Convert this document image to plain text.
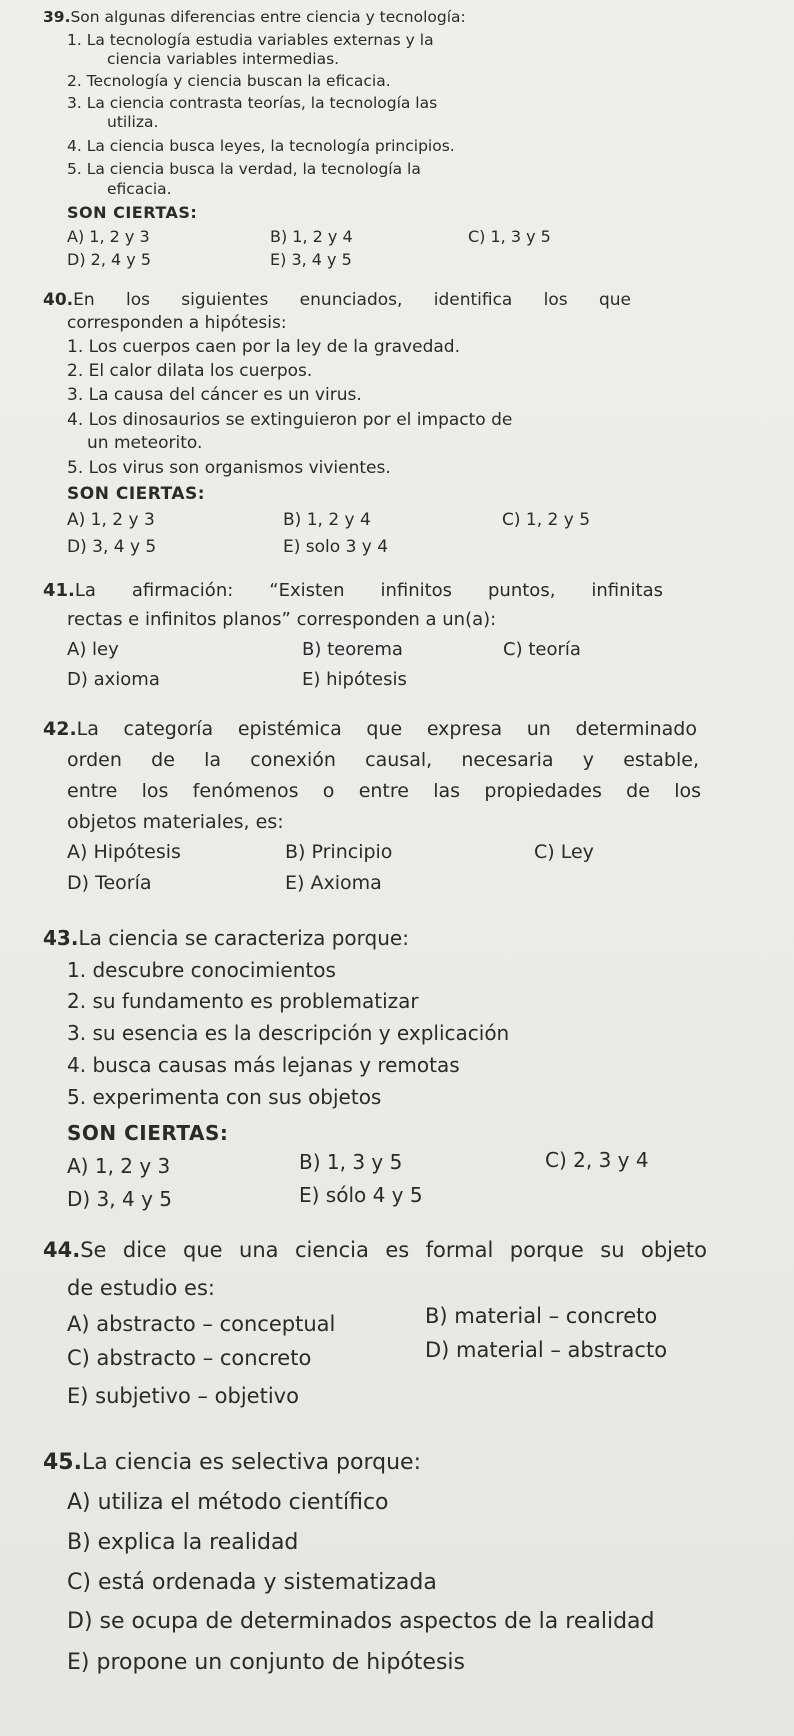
39.Son algunas diferencias entre ciencia y tecnología:
1. La tecnología estudia variables externas y la
ciencia variables intermedias.
2. Tecnología y ciencia buscan la eficacia.
3. La ciencia contrasta teorías, la tecnología las
utiliza.
4. La ciencia busca leyes, la tecnología principios.
5. La ciencia busca la verdad, la tecnología la
eficacia.
SON CIERTAS:
A) 1, 2 y 3	B) 1, 2 y 4	C) 1, 3 y 5
D) 2, 4 y 5	E) 3, 4 y 5
40.En los siguientes enunciados, identifica los que
corresponden a hipótesis:
1. Los cuerpos caen por la ley de la gravedad.
2. El calor dilata los cuerpos.
3. La causa del cáncer es un virus.
4. Los dinosaurios se extinguieron por el impacto de
un meteorito.
5. Los virus son organismos vivientes.
SON CIERTAS:
A) 1, 2 y 3	B) 1, 2 y 4	C) 1, 2 y 5
D) 3, 4 y 5	E) solo 3 y 4
41.La afirmación: “Existen infinitos puntos, infinitas
rectas e infinitos planos” corresponden a un(a):
A) ley	B) teorema	C) teoría
D) axioma	E) hipótesis
42.La categoría epistémica que expresa un determinado
orden de la conexión causal, necesaria y estable,
entre los fenómenos o entre las propiedades de los
objetos materiales, es:
A) Hipótesis	B) Principio	C) Ley
D) Teoría	E) Axioma
43.La ciencia se caracteriza porque:
1. descubre conocimientos
2. su fundamento es problematizar
3. su esencia es la descripción y explicación
4. busca causas más lejanas y remotas
5. experimenta con sus objetos
SON CIERTAS:
A) 1, 2 y 3	B) 1, 3 y 5	C) 2, 3 y 4
D) 3, 4 y 5	E) sólo 4 y 5
44.Se dice que una ciencia es formal porque su objeto
de estudio es:
A) abstracto – conceptual	B) material – concreto
C) abstracto – concreto	D) material – abstracto
E) subjetivo – objetivo
45.La ciencia es selectiva porque:
A) utiliza el método científico
B) explica la realidad
C) está ordenada y sistematizada
D) se ocupa de determinados aspectos de la realidad
E) propone un conjunto de hipótesis
